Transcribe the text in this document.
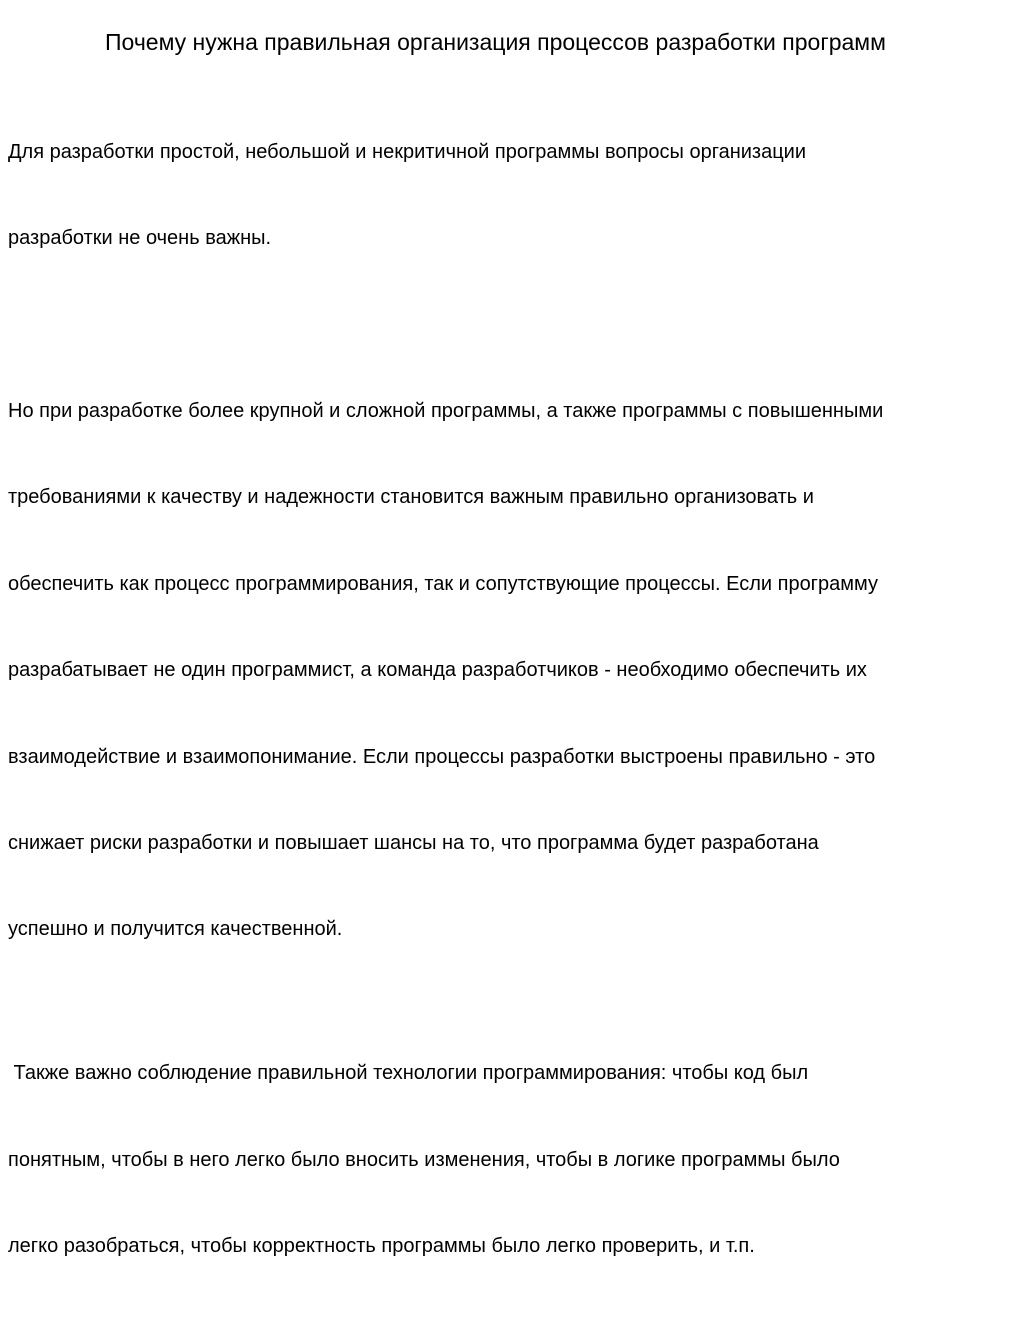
Почему нужна правильная организация процессов разработки программ

Для разработки простой, небольшой и некритичной программы вопросы организации

разработки не очень важны.

Но при разработке более крупной и сложной программы, а также программы с повышенными

требованиями к качеству и надежности становится важным правильно организовать и

обеспечить как процесс программирования, так и сопутствующие процессы. Если программу

разрабатывает не один программист, а команда разработчиков - необходимо обеспечить их

взаимодействие и взаимопонимание. Если процессы разработки выстроены правильно - это

снижает риски разработки и повышает шансы на то, что программа будет разработана

успешно и получится качественной.

Также важно соблюдение правильной технологии программирования: чтобы код был

понятным, чтобы в него легко было вносить изменения, чтобы в логике программы было

легко разобраться, чтобы корректность программы было легко проверить, и т.п.
